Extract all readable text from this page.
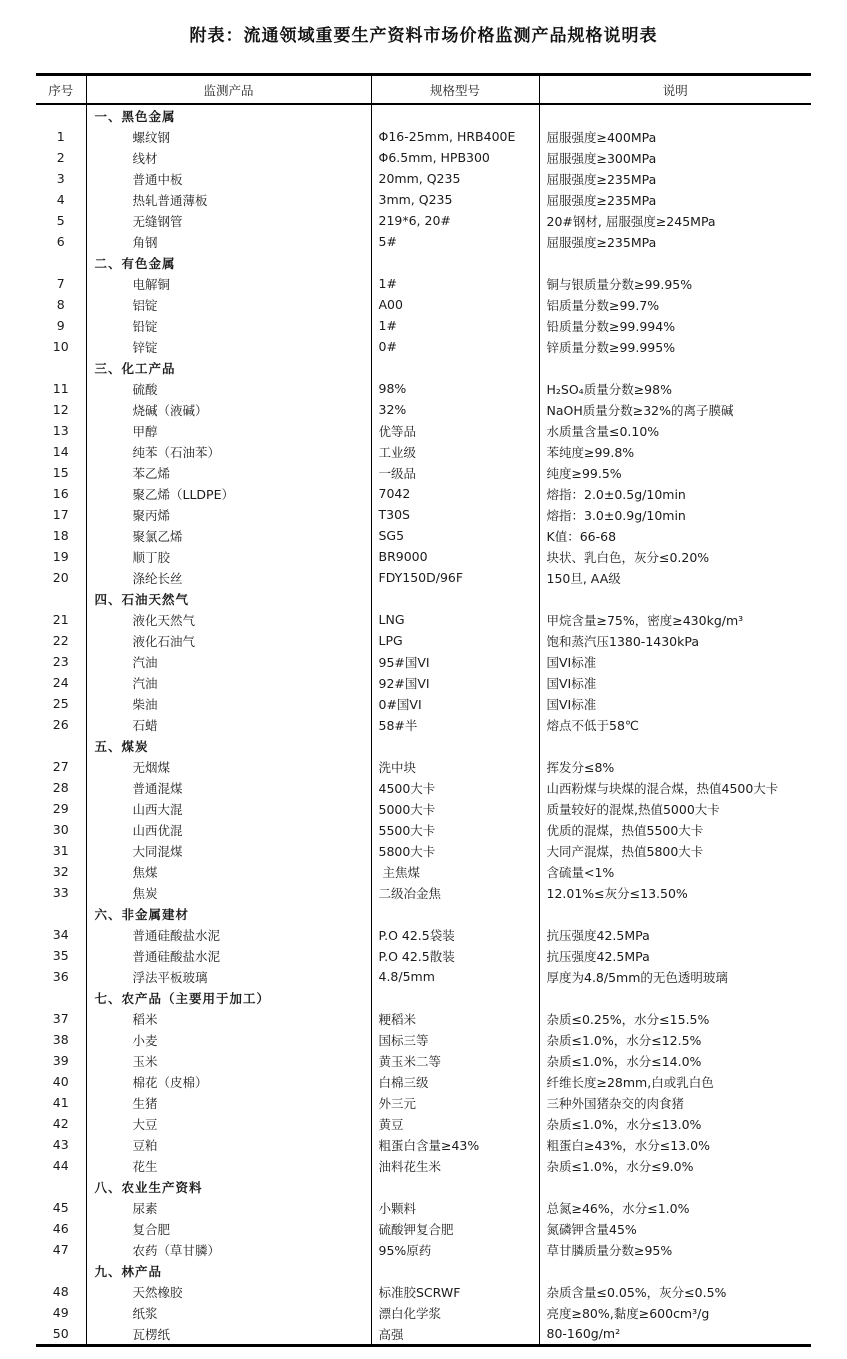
附表：流通领域重要生产资料市场价格监测产品规格说明表
序号	监测产品	规格型号	说明
	一、黑色金属		
1	螺纹钢	Φ16-25mm, HRB400E	屈服强度≥400MPa
2	线材	Φ6.5mm, HPB300	屈服强度≥300MPa
3	普通中板	20mm, Q235	屈服强度≥235MPa
4	热轧普通薄板	3mm, Q235	屈服强度≥235MPa
5	无缝钢管	219*6, 20#	20#钢材, 屈服强度≥245MPa
6	角钢	5#	屈服强度≥235MPa
	二、有色金属		
7	电解铜	1#	铜与银质量分数≥99.95%
8	铝锭	A00	铝质量分数≥99.7%
9	铅锭	1#	铅质量分数≥99.994%
10	锌锭	0#	锌质量分数≥99.995%
	三、化工产品		
11	硫酸	98%	H₂SO₄质量分数≥98%
12	烧碱（液碱）	32%	NaOH质量分数≥32%的离子膜碱
13	甲醇	优等品	水质量含量≤0.10%
14	纯苯（石油苯）	工业级	苯纯度≥99.8%
15	苯乙烯	一级品	纯度≥99.5%
16	聚乙烯（LLDPE）	7042	熔指：2.0±0.5g/10min
17	聚丙烯	T30S	熔指：3.0±0.9g/10min
18	聚氯乙烯	SG5	K值：66-68
19	顺丁胶	BR9000	块状、乳白色，灰分≤0.20%
20	涤纶长丝	FDY150D/96F	150旦, AA级
	四、石油天然气		
21	液化天然气	LNG	甲烷含量≥75%，密度≥430kg/m³
22	液化石油气	LPG	饱和蒸汽压1380-1430kPa
23	汽油	95#国VI	国VI标准
24	汽油	92#国VI	国VI标准
25	柴油	0#国VI	国VI标准
26	石蜡	58#半	熔点不低于58℃
	五、煤炭		
27	无烟煤	洗中块	挥发分≤8%
28	普通混煤	4500大卡	山西粉煤与块煤的混合煤，热值4500大卡
29	山西大混	5000大卡	质量较好的混煤,热值5000大卡
30	山西优混	5500大卡	优质的混煤，热值5500大卡
31	大同混煤	5800大卡	大同产混煤，热值5800大卡
32	焦煤	主焦煤	含硫量<1%
33	焦炭	二级冶金焦	12.01%≤灰分≤13.50%
	六、非金属建材		
34	普通硅酸盐水泥	P.O 42.5袋装	抗压强度42.5MPa
35	普通硅酸盐水泥	P.O 42.5散装	抗压强度42.5MPa
36	浮法平板玻璃	4.8/5mm	厚度为4.8/5mm的无色透明玻璃
	七、农产品（主要用于加工）		
37	稻米	粳稻米	杂质≤0.25%，水分≤15.5%
38	小麦	国标三等	杂质≤1.0%，水分≤12.5%
39	玉米	黄玉米二等	杂质≤1.0%，水分≤14.0%
40	棉花（皮棉）	白棉三级	纤维长度≥28mm,白或乳白色
41	生猪	外三元	三种外国猪杂交的肉食猪
42	大豆	黄豆	杂质≤1.0%，水分≤13.0%
43	豆粕	粗蛋白含量≥43%	粗蛋白≥43%，水分≤13.0%
44	花生	油料花生米	杂质≤1.0%，水分≤9.0%
	八、农业生产资料		
45	尿素	小颗料	总氮≥46%，水分≤1.0%
46	复合肥	硫酸钾复合肥	氮磷钾含量45%
47	农药（草甘膦）	95%原药	草甘膦质量分数≥95%
	九、林产品		
48	天然橡胶	标准胶SCRWF	杂质含量≤0.05%，灰分≤0.5%
49	纸浆	漂白化学浆	亮度≥80%,黏度≥600cm³/g
50	瓦楞纸	高强	80-160g/m²
